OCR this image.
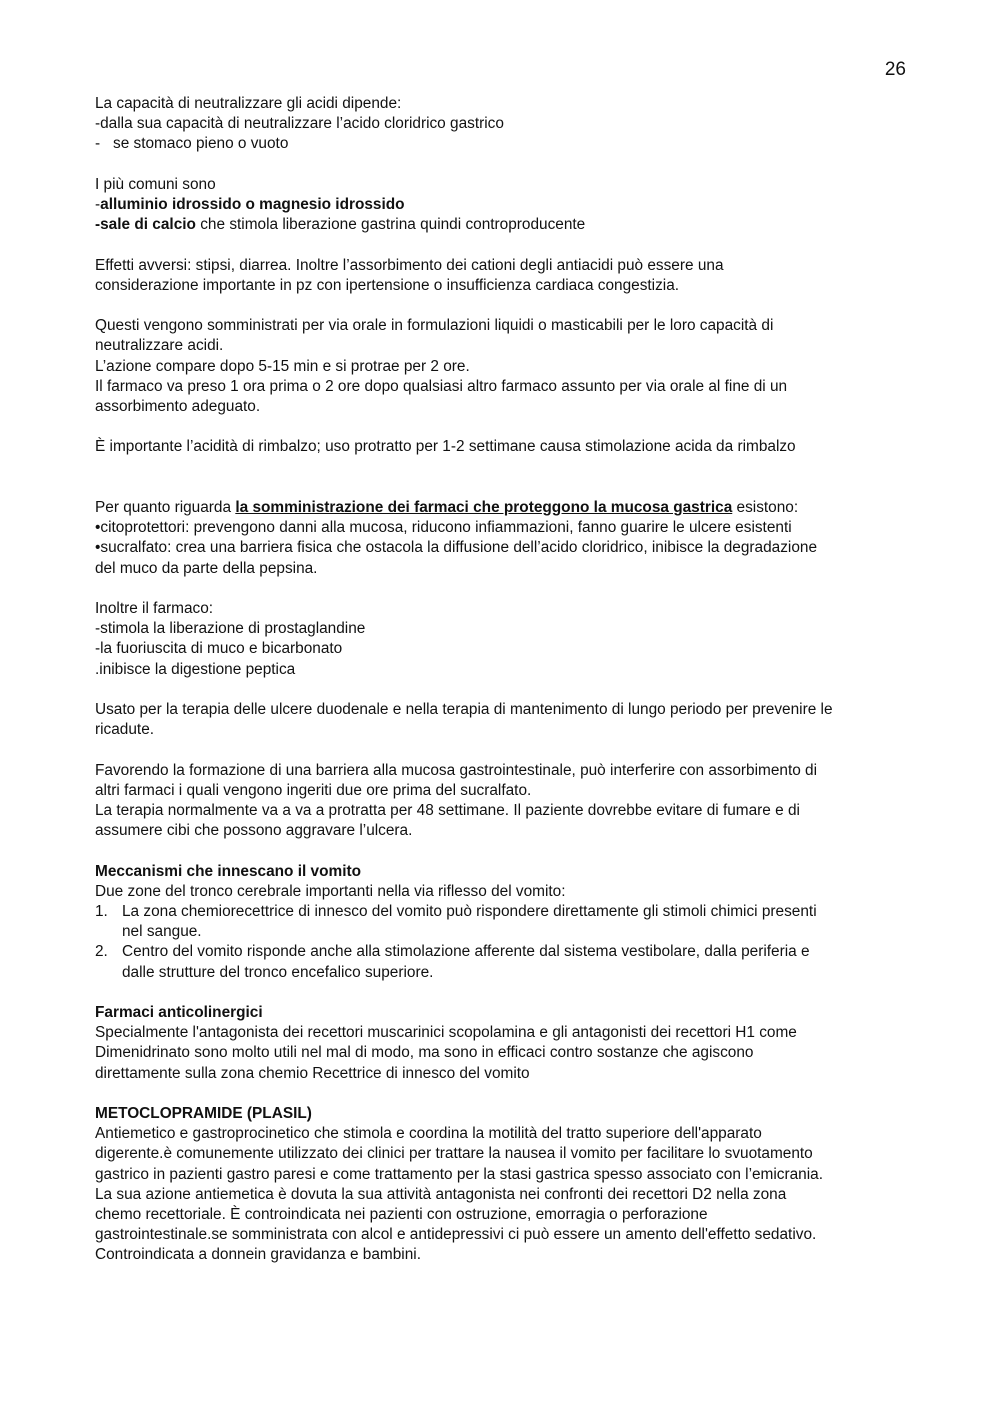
26

La capacità di neutralizzare gli acidi dipende:

-dalla sua capacità di neutralizzare l’acido cloridrico gastrico

- se stomaco pieno o vuoto

I più comuni sono

-alluminio idrossido o magnesio idrossido

-sale di calcio che stimola liberazione gastrina quindi controproducente

Effetti avversi: stipsi, diarrea. Inoltre l’assorbimento dei cationi degli antiacidi può essere una

considerazione importante in pz con ipertensione o insufficienza cardiaca congestizia.

Questi vengono somministrati per via orale in formulazioni liquidi o masticabili per le loro capacità di

neutralizzare acidi.

L’azione compare dopo 5-15 min e si protrae per 2 ore.

Il farmaco va preso 1 ora prima o 2 ore dopo qualsiasi altro farmaco assunto per via orale al fine di un

assorbimento adeguato.

È importante l’acidità di rimbalzo; uso protratto per 1-2 settimane causa stimolazione acida da rimbalzo

Per quanto riguarda la somministrazione dei farmaci che proteggono la mucosa gastrica esistono:

•citoprotettori: prevengono danni alla mucosa, riducono infiammazioni, fanno guarire le ulcere esistenti

•sucralfato: crea una barriera fisica che ostacola la diffusione dell’acido cloridrico, inibisce la degradazione

del muco da parte della pepsina.

Inoltre il farmaco:

-stimola la liberazione di prostaglandine

-la fuoriuscita di muco e bicarbonato

.inibisce la digestione peptica

Usato per la terapia delle ulcere duodenale e nella terapia di mantenimento di lungo periodo per prevenire le

ricadute.

Favorendo la formazione di una barriera alla mucosa gastrointestinale, può interferire con assorbimento di

altri farmaci i quali vengono ingeriti due ore prima del sucralfato.

La terapia normalmente va a va a protratta per 48 settimane. Il paziente dovrebbe evitare di fumare e di

assumere cibi che possono aggravare l’ulcera.

Meccanismi che innescano il vomito

Due zone del tronco cerebrale importanti nella via riflesso del vomito:

1. La zona chemiorecettrice di innesco del vomito può rispondere direttamente gli stimoli chimici presenti

nel sangue.

2. Centro del vomito risponde anche alla stimolazione afferente dal sistema vestibolare, dalla periferia e

dalle strutture del tronco encefalico superiore.

Farmaci anticolinergici

Specialmente l'antagonista dei recettori muscarinici scopolamina e gli antagonisti dei recettori H1 come

Dimenidrinato sono molto utili nel mal di modo, ma sono in efficaci contro sostanze che agiscono

direttamente sulla zona chemio Recettrice di innesco del vomito

METOCLOPRAMIDE (PLASIL)

Antiemetico e gastroprocinetico che stimola e coordina la motilità del tratto superiore dell'apparato

digerente.è comunemente utilizzato dei clinici per trattare la nausea il vomito per facilitare lo svuotamento

gastrico in pazienti gastro paresi e come trattamento per la stasi gastrica spesso associato con l’emicrania.

La sua azione antiemetica è dovuta la sua attività antagonista nei confronti dei recettori D2 nella zona

chemo recettoriale. È controindicata nei pazienti con ostruzione, emorragia o perforazione

gastrointestinale.se somministrata con alcol e antidepressivi ci può essere un amento dell'effetto sedativo.

Controindicata a donnein gravidanza e bambini.
